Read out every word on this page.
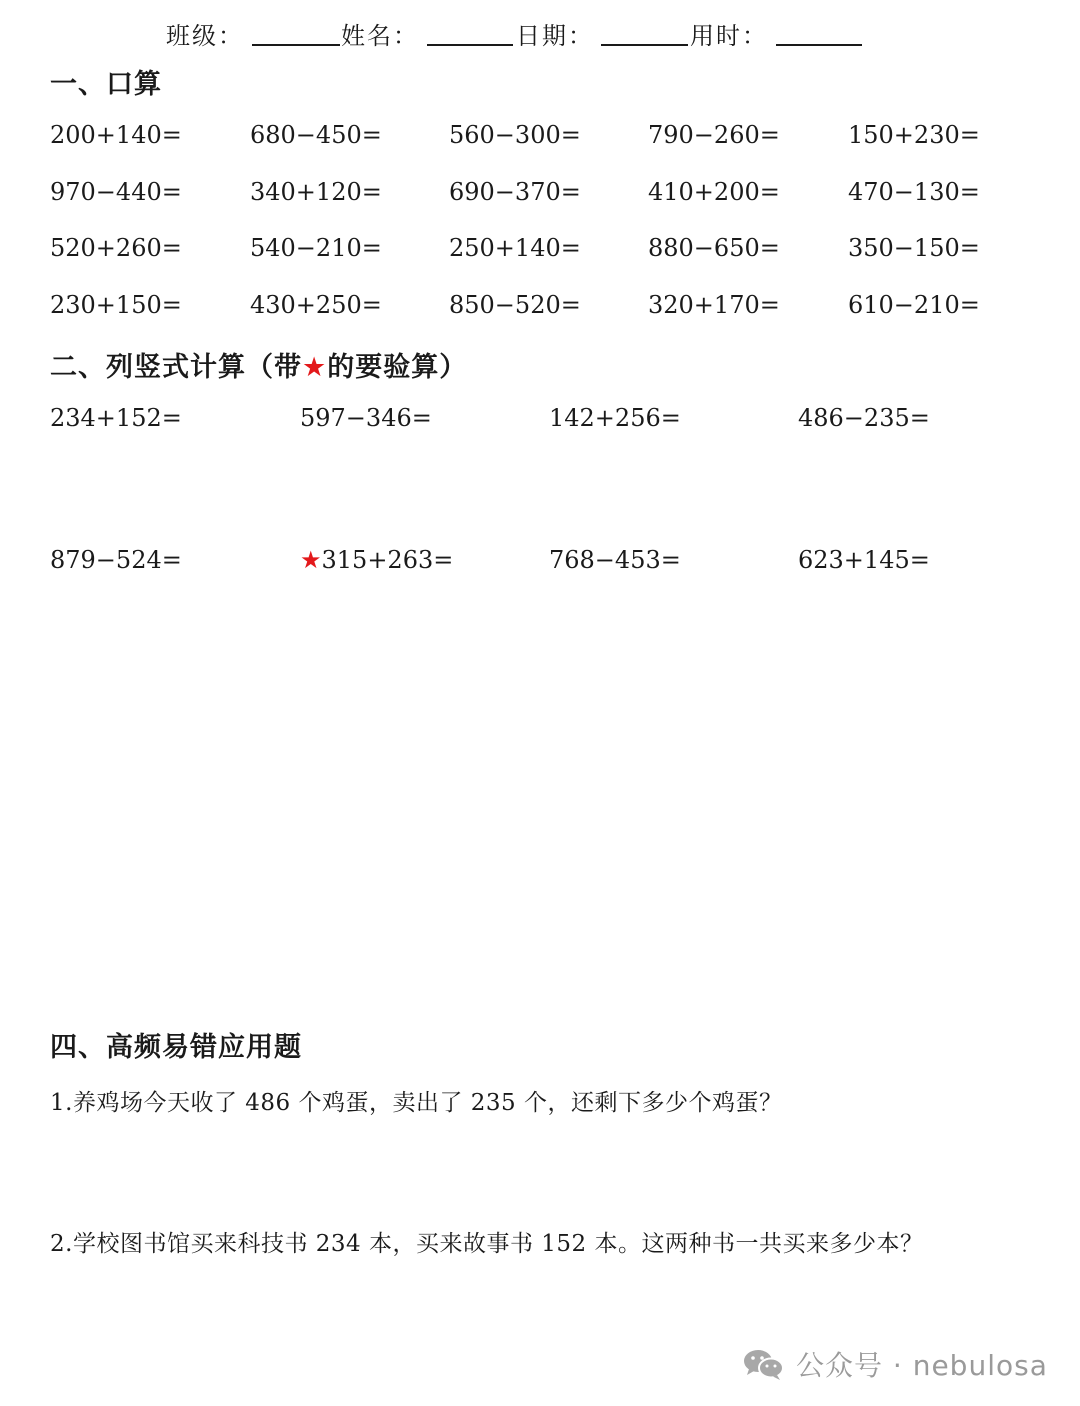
班级：	姓名：	日期：	用时：
一、口算
200+140=	680−450=	560−300=	790−260=	150+230=
970−440=	340+120=	690−370=	410+200=	470−130=
520+260=	540−210=	250+140=	880−650=	350−150=
230+150=	430+250=	850−520=	320+170=	610−210=
二、列竖式计算（带★的要验算）
234+152=	597−346=	142+256=	486−235=
879−524=	★315+263=	768−453=	623+145=
四、高频易错应用题
1.养鸡场今天收了 486 个鸡蛋，卖出了 235 个，还剩下多少个鸡蛋？
2.学校图书馆买来科技书 234 本，买来故事书 152 本。这两种书一共买来多少本？
公众号 · nebulosa
